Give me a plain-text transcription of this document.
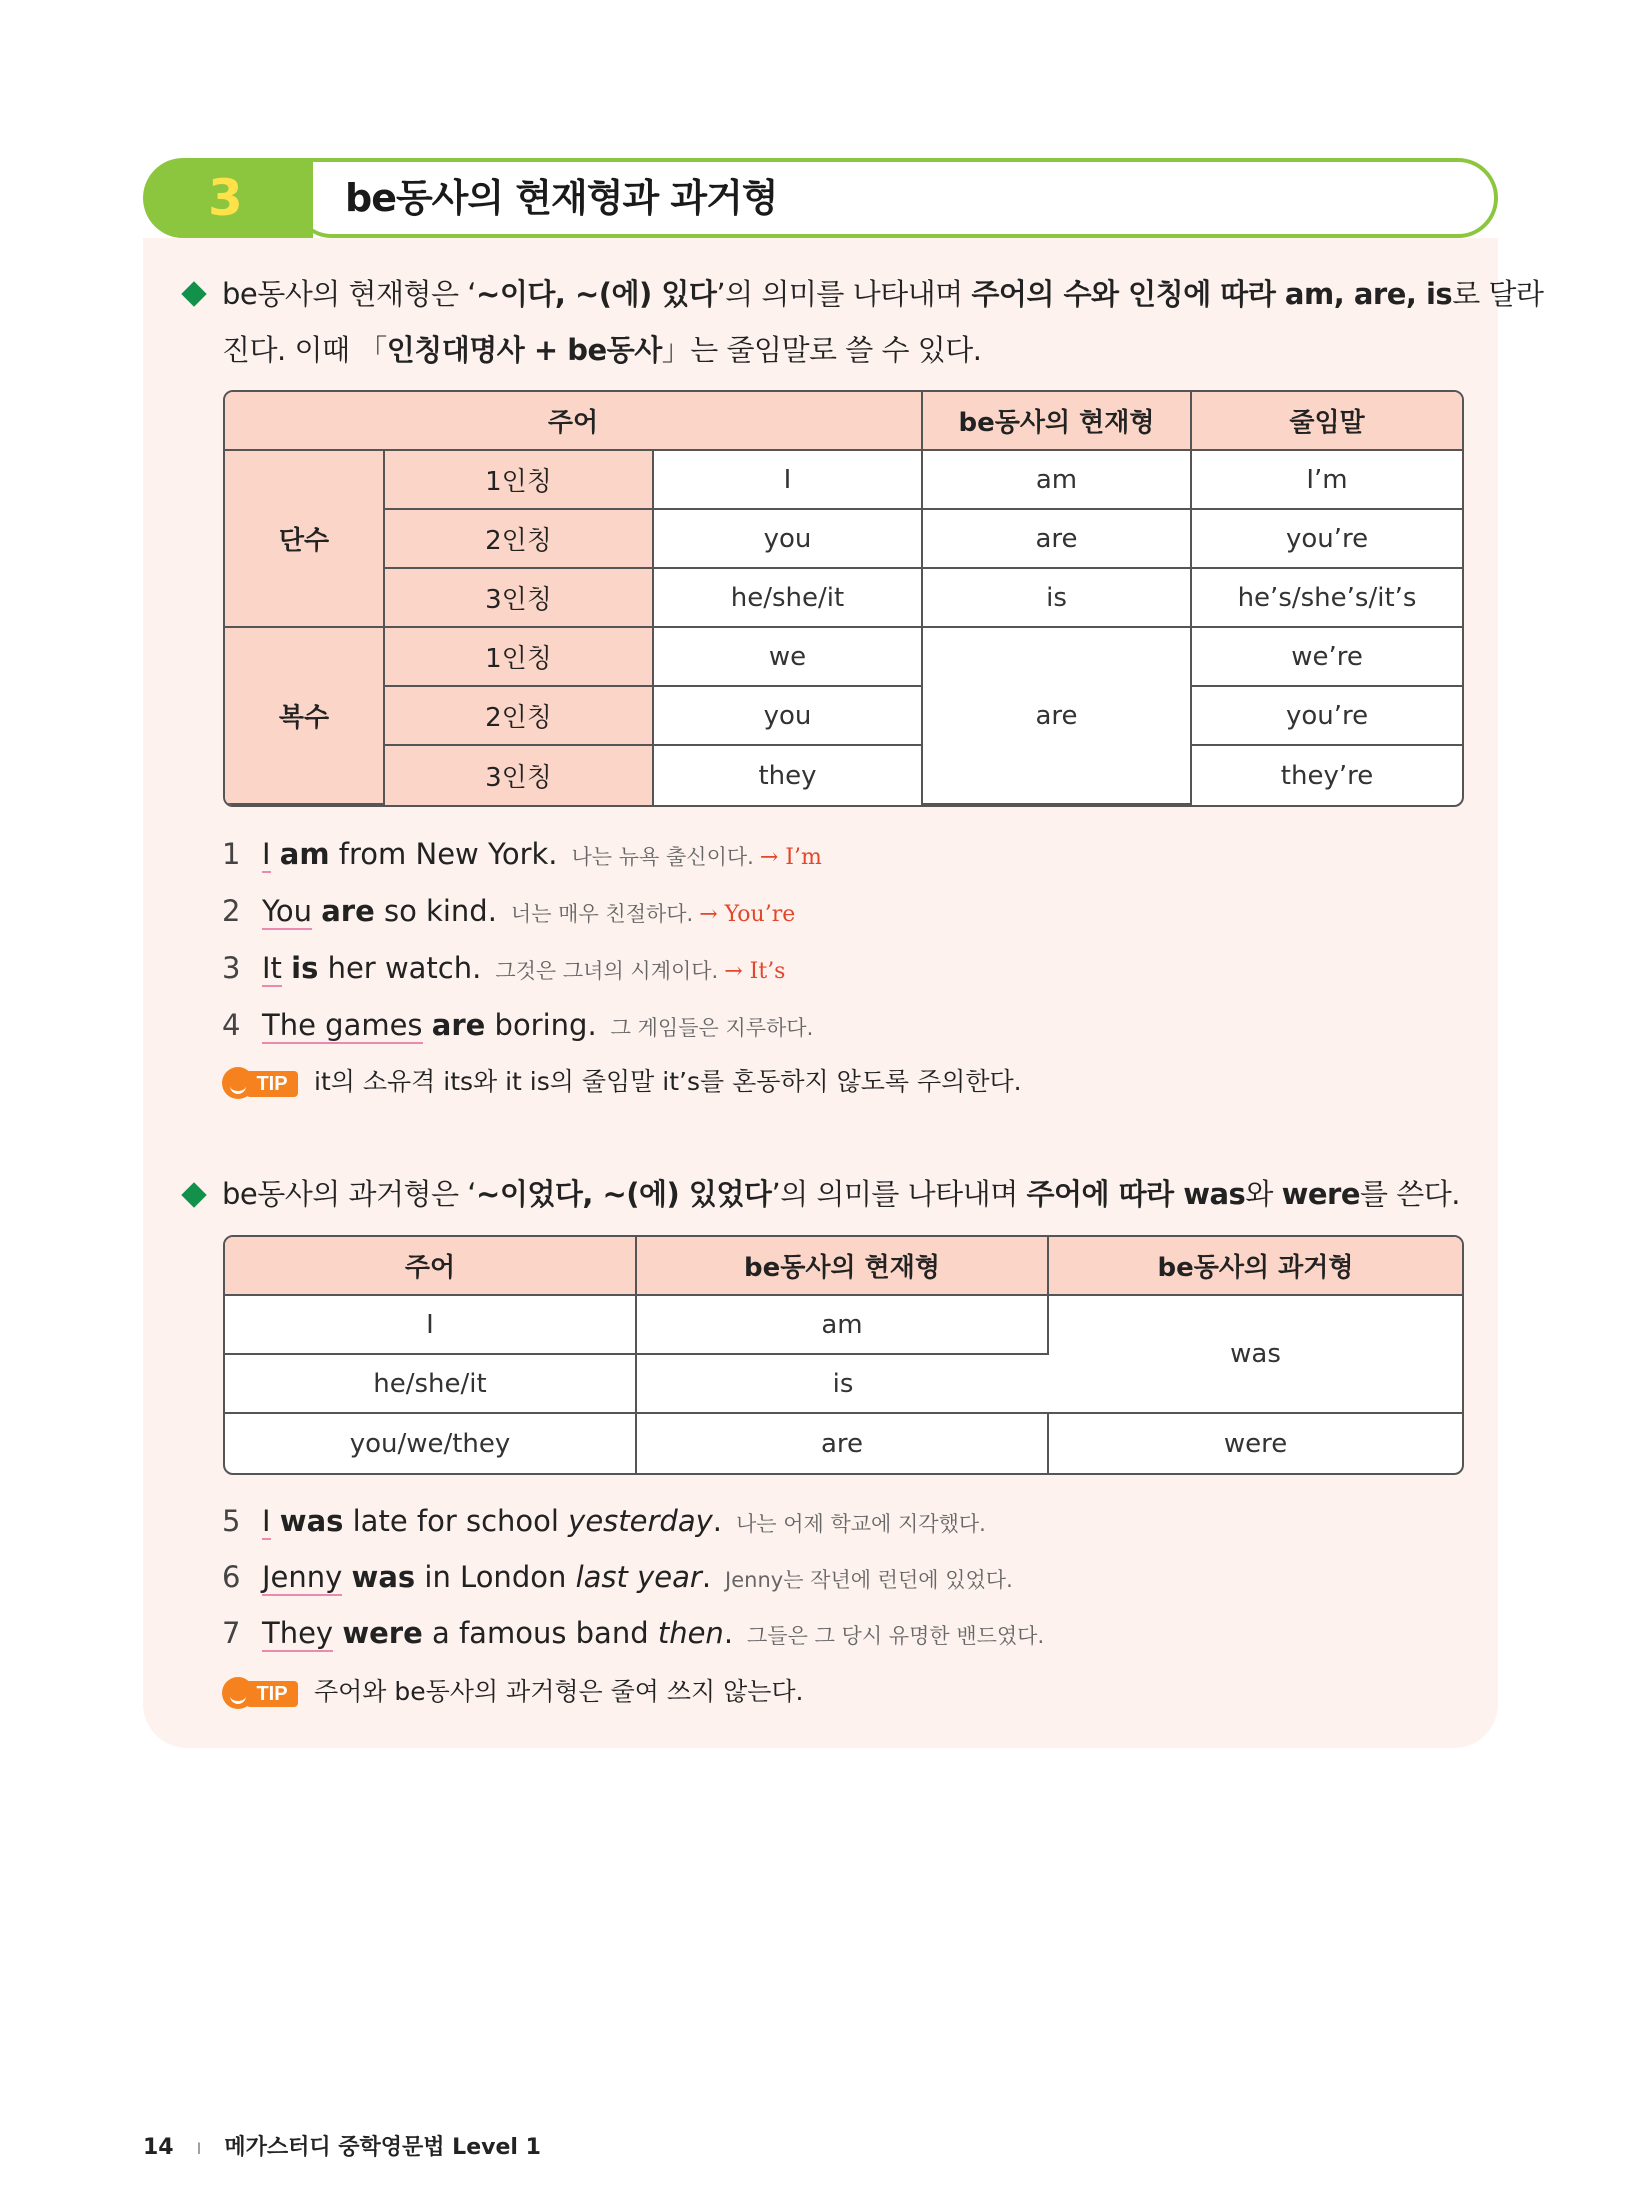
3	be동사의 현재형과 과거형
be동사의 현재형은 ‘~이다, ~(에) 있다’의 의미를 나타내며 주어의 수와 인칭에 따라 am, are, is로 달라
진다. 이때 「인칭대명사 + be동사」는 줄임말로 쓸 수 있다.
주어			be동사의 현재형	줄임말
단수	1인칭	I	am	I’m
	2인칭	you	are	you’re
	3인칭	he/she/it	is	he’s/she’s/it’s
복수	1인칭	we	are	we’re
	2인칭	you		you’re
	3인칭	they		they’re
1 I am from New York. 나는 뉴욕 출신이다. → I’m
2 You are so kind. 너는 매우 친절하다. → You’re
3 It is her watch. 그것은 그녀의 시계이다. → It’s
4 The games are boring. 그 게임들은 지루하다.
TIP	it의 소유격 its와 it is의 줄임말 it’s를 혼동하지 않도록 주의한다.
be동사의 과거형은 ‘~이었다, ~(에) 있었다’의 의미를 나타내며 주어에 따라 was와 were를 쓴다.
주어	be동사의 현재형	be동사의 과거형
I	am	was
he/she/it	is	
you/we/they	are	were
5 I was late for school yesterday. 나는 어제 학교에 지각했다.
6 Jenny was in London last year. Jenny는 작년에 런던에 있었다.
7 They were a famous band then. 그들은 그 당시 유명한 밴드였다.
TIP	주어와 be동사의 과거형은 줄여 쓰지 않는다.
14 I 메가스터디 중학영문법 Level 1
